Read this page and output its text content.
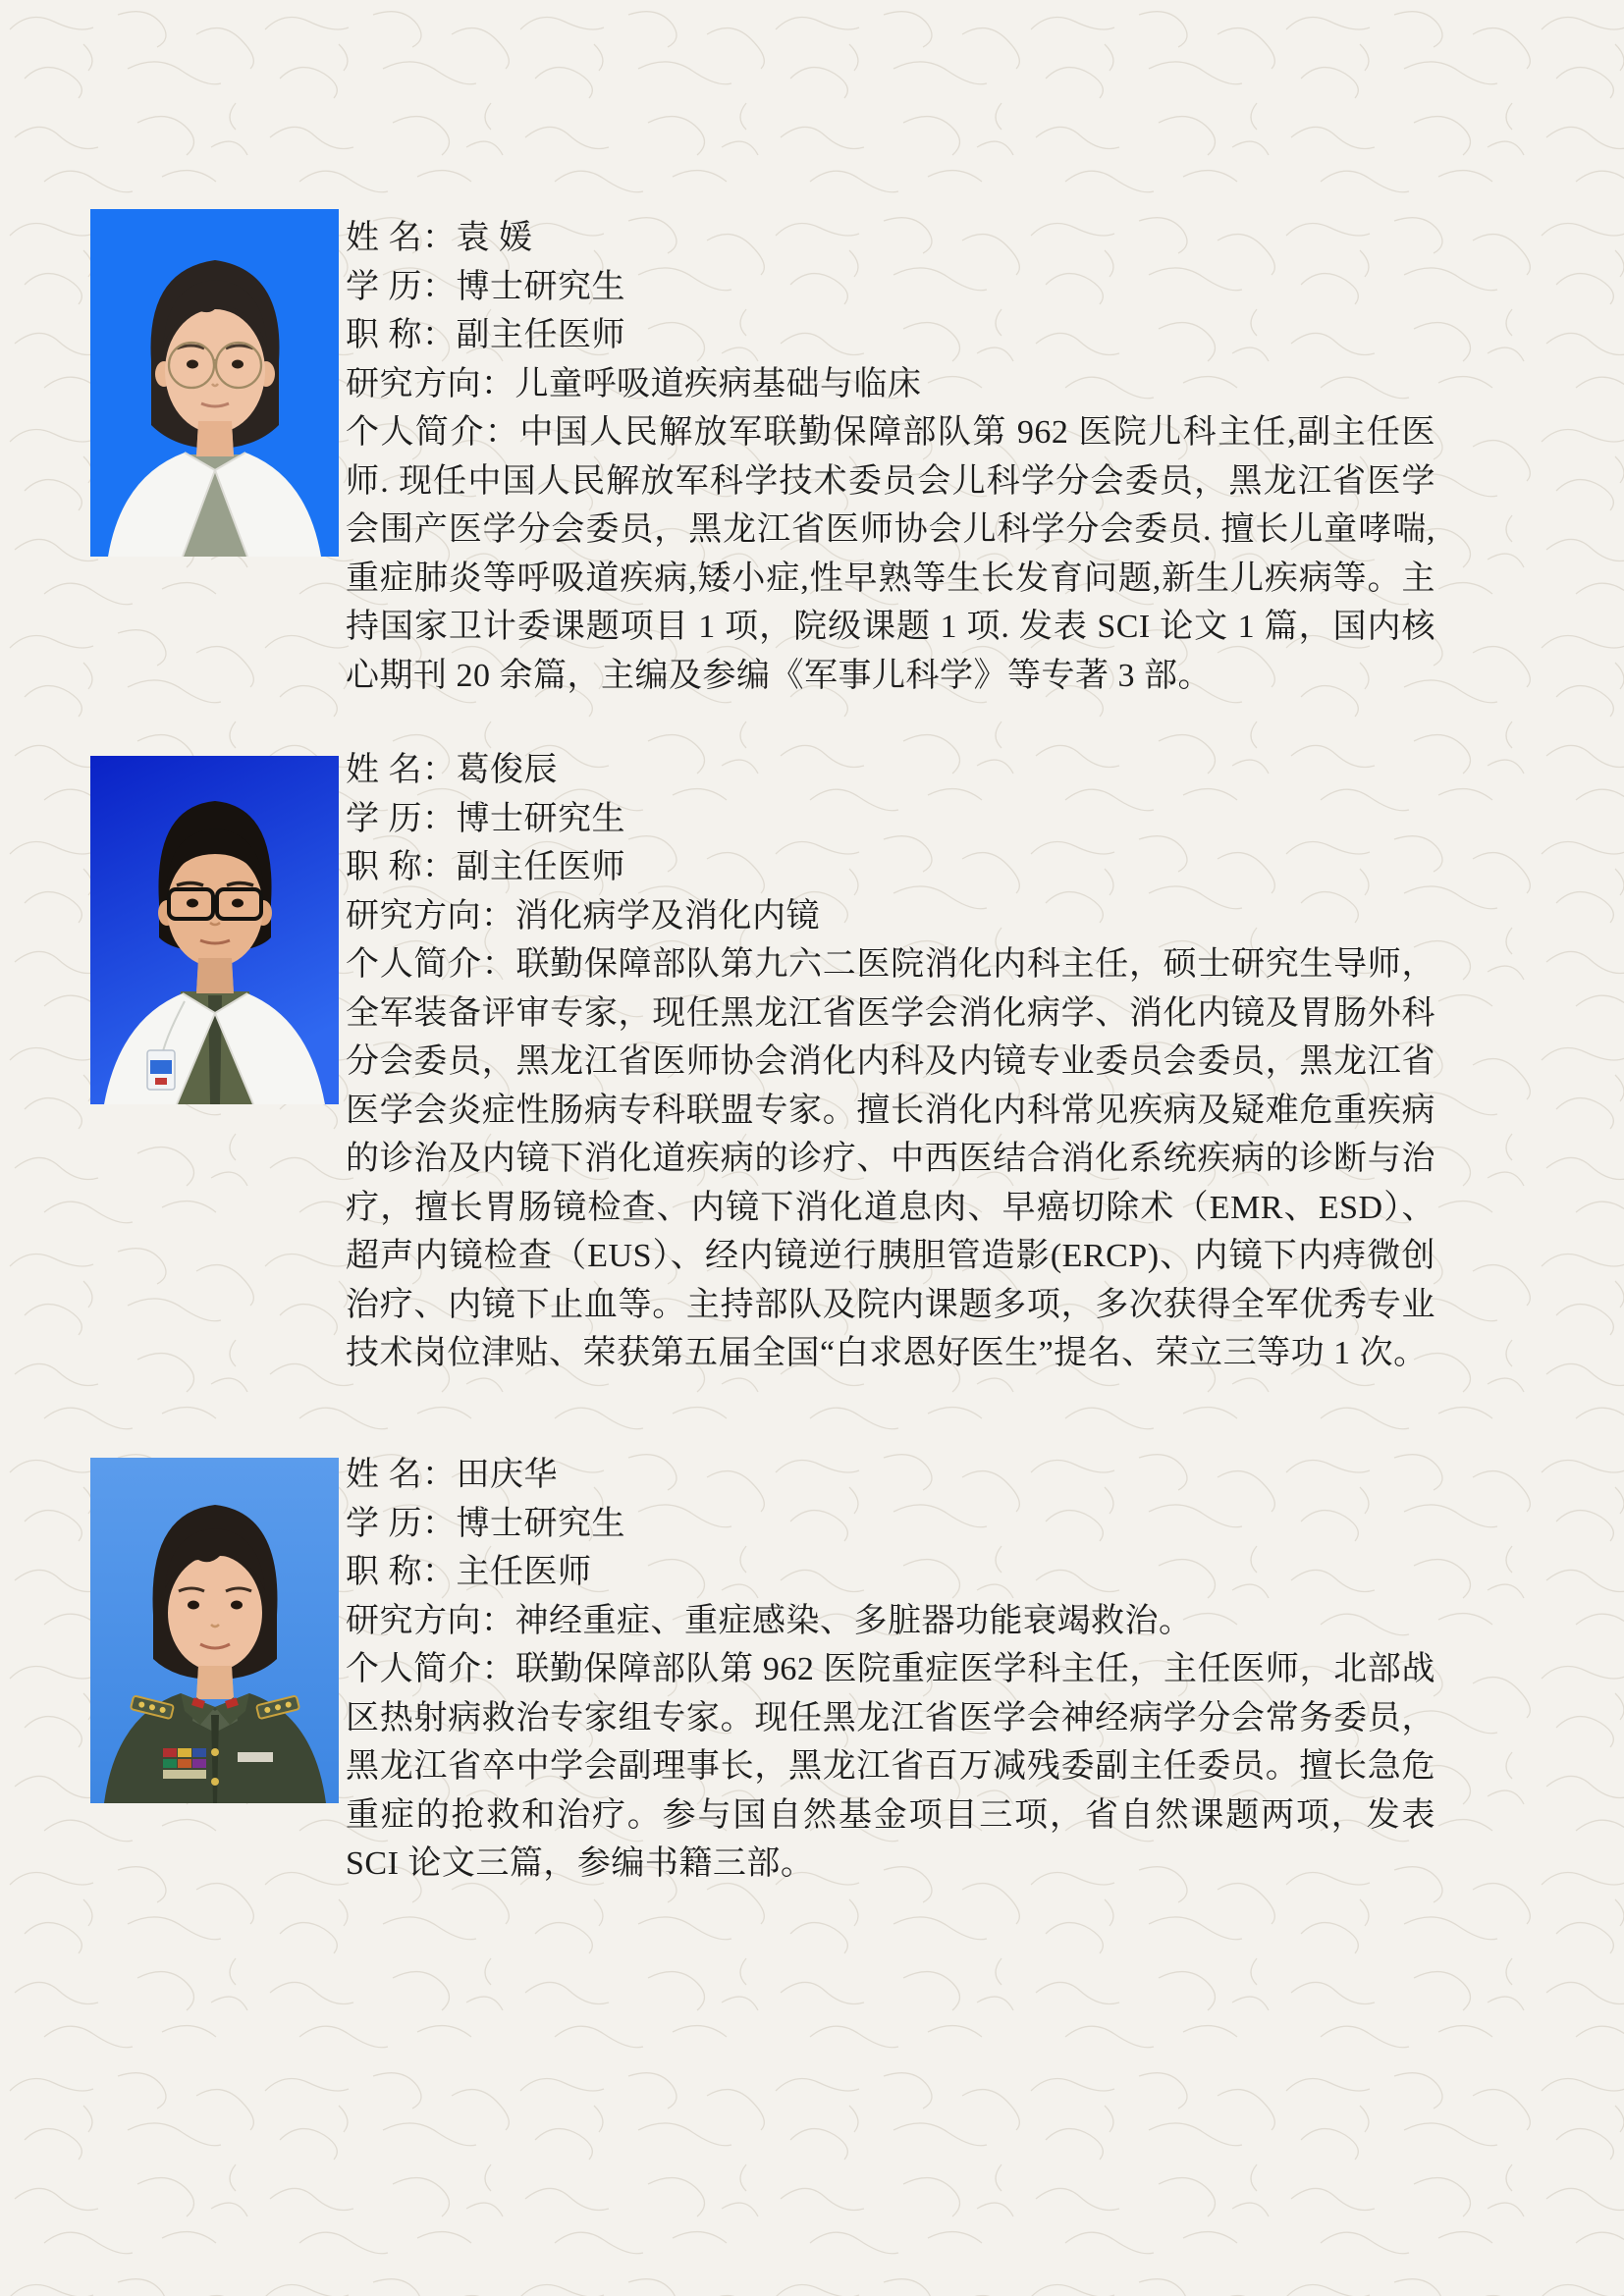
姓 名：袁 媛
学 历：博士研究生
职 称：副主任医师
研究方向：儿童呼吸道疾病基础与临床

个人简介：中国人民解放军联勤保障部队第 962 医院儿科主任,副主任医师. 现任中国人民解放军科学技术委员会儿科学分会委员，黑龙江省医学会围产医学分会委员，黑龙江省医师协会儿科学分会委员. 擅长儿童哮喘,重症肺炎等呼吸道疾病,矮小症,性早熟等生长发育问题,新生儿疾病等。主持国家卫计委课题项目 1 项，院级课题 1 项. 发表 SCI 论文 1 篇，国内核心期刊 20 余篇，主编及参编《军事儿科学》等专著 3 部。

姓 名：葛俊辰
学 历：博士研究生
职 称：副主任医师
研究方向：消化病学及消化内镜

个人简介：联勤保障部队第九六二医院消化内科主任，硕士研究生导师，全军装备评审专家，现任黑龙江省医学会消化病学、消化内镜及胃肠外科分会委员，黑龙江省医师协会消化内科及内镜专业委员会委员，黑龙江省医学会炎症性肠病专科联盟专家。擅长消化内科常见疾病及疑难危重疾病的诊治及内镜下消化道疾病的诊疗、中西医结合消化系统疾病的诊断与治疗，擅长胃肠镜检查、内镜下消化道息肉、早癌切除术（EMR、ESD）、超声内镜检查（EUS）、经内镜逆行胰胆管造影(ERCP)、内镜下内痔微创治疗、内镜下止血等。主持部队及院内课题多项，多次获得全军优秀专业技术岗位津贴、荣获第五届全国“白求恩好医生”提名、荣立三等功 1 次。

姓 名：田庆华
学 历：博士研究生
职 称：主任医师
研究方向：神经重症、重症感染、多脏器功能衰竭救治。

个人简介：联勤保障部队第 962 医院重症医学科主任，主任医师，北部战区热射病救治专家组专家。现任黑龙江省医学会神经病学分会常务委员，黑龙江省卒中学会副理事长，黑龙江省百万减残委副主任委员。擅长急危重症的抢救和治疗。参与国自然基金项目三项，省自然课题两项，发表 SCI 论文三篇，参编书籍三部。
